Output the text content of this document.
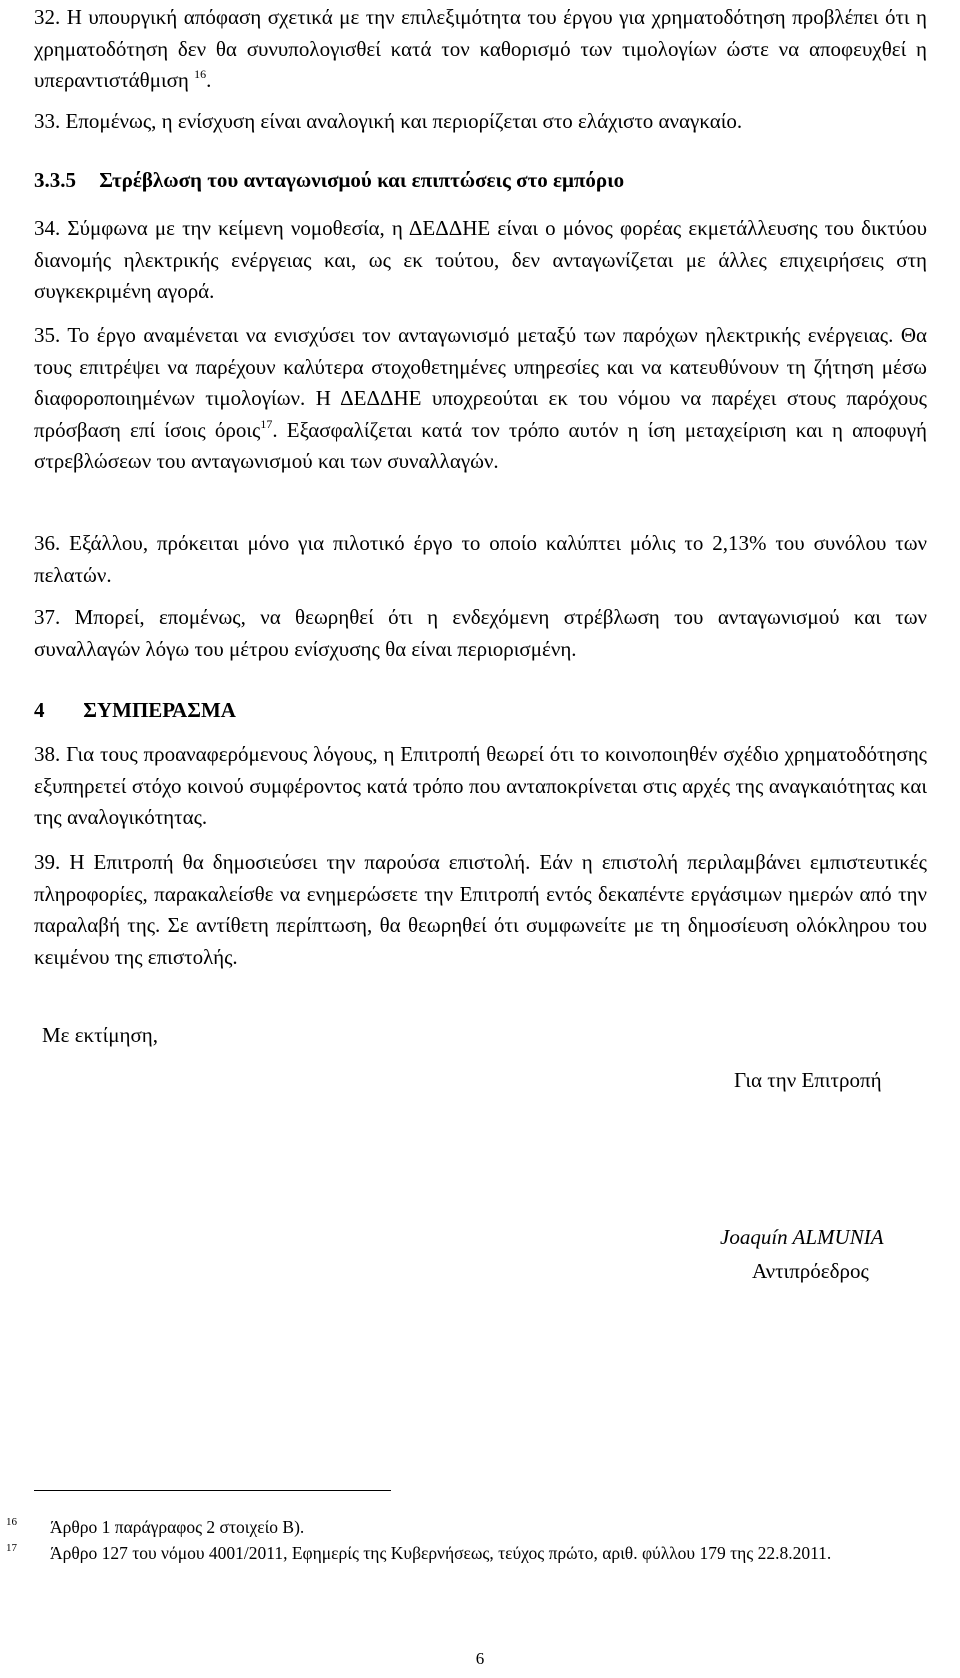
32. Η υπουργική απόφαση σχετικά με την επιλεξιμότητα του έργου για χρηματοδότηση προβλέπει ότι η χρηματοδότηση δεν θα συνυπολογισθεί κατά τον καθορισμό των τιμολογίων ώστε να αποφευχθεί η υπεραντιστάθμιση $^{16}$.

33. Επομένως, η ενίσχυση είναι αναλογική και περιορίζεται στο ελάχιστο αναγκαίο.

3.3.5 Στρέβλωση του ανταγωνισμού και επιπτώσεις στο εμπόριο

34. Σύμφωνα με την κείμενη νομοθεσία, η ΔΕΔΔΗΕ είναι ο μόνος φορέας εκμετάλλευσης του δικτύου διανομής ηλεκτρικής ενέργειας και, ως εκ τούτου, δεν ανταγωνίζεται με άλλες επιχειρήσεις στη συγκεκριμένη αγορά.

35. Το έργο αναμένεται να ενισχύσει τον ανταγωνισμό μεταξύ των παρόχων ηλεκτρικής ενέργειας. Θα τους επιτρέψει να παρέχουν καλύτερα στοχοθετημένες υπηρεσίες και να κατευθύνουν τη ζήτηση μέσω διαφοροποιημένων τιμολογίων. Η ΔΕΔΔΗΕ υποχρεούται εκ του νόμου να παρέχει στους παρόχους πρόσβαση επί ίσοις όροις$^{17}$. Εξασφαλίζεται κατά τον τρόπο αυτόν η ίση μεταχείριση και η αποφυγή στρεβλώσεων του ανταγωνισμού και των συναλλαγών.

36. Εξάλλου, πρόκειται μόνο για πιλοτικό έργο το οποίο καλύπτει μόλις το 2,13% του συνόλου των πελατών.

37. Μπορεί, επομένως, να θεωρηθεί ότι η ενδεχόμενη στρέβλωση του ανταγωνισμού και των συναλλαγών λόγω του μέτρου ενίσχυσης θα είναι περιορισμένη.

4 ΣΥΜΠΕΡΑΣΜΑ

38. Για τους προαναφερόμενους λόγους, η Επιτροπή θεωρεί ότι το κοινοποιηθέν σχέδιο χρηματοδότησης εξυπηρετεί στόχο κοινού συμφέροντος κατά τρόπο που ανταποκρίνεται στις αρχές της αναγκαιότητας και της αναλογικότητας.

39. Η Επιτροπή θα δημοσιεύσει την παρούσα επιστολή. Εάν η επιστολή περιλαμβάνει εμπιστευτικές πληροφορίες, παρακαλείσθε να ενημερώσετε την Επιτροπή εντός δεκαπέντε εργάσιμων ημερών από την παραλαβή της. Σε αντίθετη περίπτωση, θα θεωρηθεί ότι συμφωνείτε με τη δημοσίευση ολόκληρου του κειμένου της επιστολής.

Με εκτίμηση,

Για την Επιτροπή

Joaquín ALMUNIA

Αντιπρόεδρος

16	Άρθρο 1 παράγραφος 2 στοιχείο Β).
17	Άρθρο 127 του νόμου 4001/2011, Εφημερίς της Κυβερνήσεως, τεύχος πρώτο, αριθ. φύλλου 179 της 22.8.2011.
6
